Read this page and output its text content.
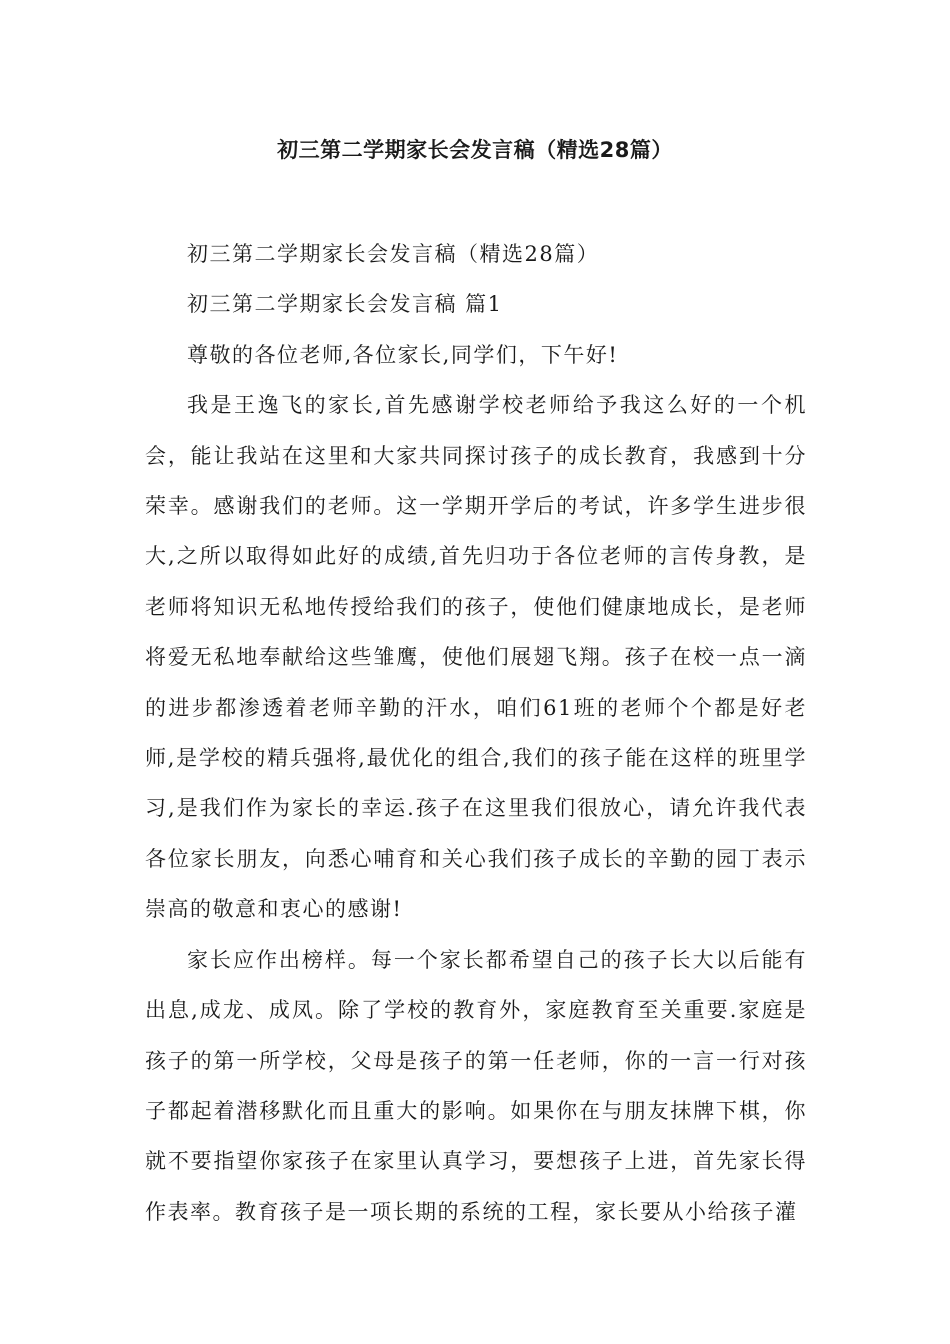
初三第二学期家长会发言稿（精选28篇）

初三第二学期家长会发言稿（精选28篇）

初三第二学期家长会发言稿 篇1

尊敬的各位老师,各位家长,同学们，下午好!

我是王逸飞的家长,首先感谢学校老师给予我这么好的一个机会，能让我站在这里和大家共同探讨孩子的成长教育，我感到十分荣幸。感谢我们的老师。这一学期开学后的考试，许多学生进步很大,之所以取得如此好的成绩,首先归功于各位老师的言传身教，是老师将知识无私地传授给我们的孩子，使他们健康地成长，是老师将爱无私地奉献给这些雏鹰，使他们展翅飞翔。孩子在校一点一滴的进步都渗透着老师辛勤的汗水，咱们61班的老师个个都是好老师,是学校的精兵强将,最优化的组合,我们的孩子能在这样的班里学习,是我们作为家长的幸运.孩子在这里我们很放心，请允许我代表各位家长朋友，向悉心哺育和关心我们孩子成长的辛勤的园丁表示崇高的敬意和衷心的感谢!

家长应作出榜样。每一个家长都希望自己的孩子长大以后能有出息,成龙、成凤。除了学校的教育外，家庭教育至关重要.家庭是孩子的第一所学校，父母是孩子的第一任老师，你的一言一行对孩子都起着潜移默化而且重大的影响。如果你在与朋友抹牌下棋，你就不要指望你家孩子在家里认真学习，要想孩子上进，首先家长得作表率。教育孩子是一项长期的系统的工程，家长要从小给孩子灌
